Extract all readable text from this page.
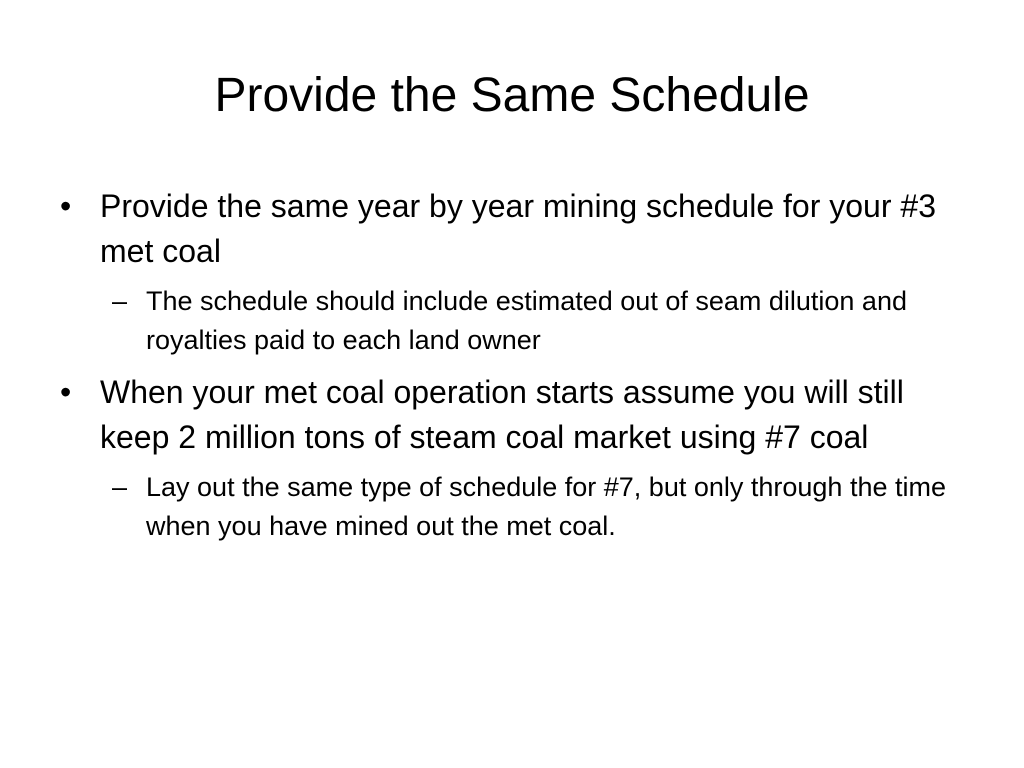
Provide the Same Schedule
• Provide the same year by year mining schedule for your #3 met coal
– The schedule should include estimated out of seam dilution and royalties paid to each land owner
• When your met coal operation starts assume you will still keep 2 million tons of steam coal market using #7 coal
– Lay out the same type of schedule for #7, but only through the time when you have mined out the met coal.
